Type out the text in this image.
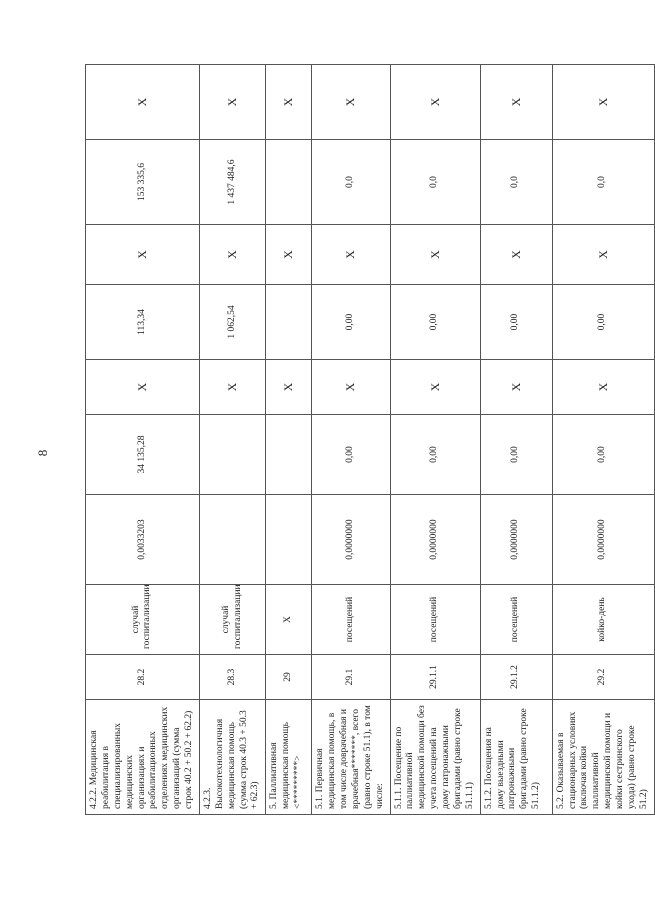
8
4.2.2. Медицинская реабилитация в специализированных медицинских организациях и реабилитационных отделениях медицинских организаций (сумма строк 40.2 + 50.2 + 62.2)	28.2	случай госпитализации	0,0033203	34 135,28	X	113,34	X	153 335,6	X
4.2.3. Высокотехнологичная медицинская помощь (сумма строк 40.3 + 50.3 + 62.3)	28.3	случай госпитализации			X	1 062,54	X	1 437 484,6	X
5. Паллиативная медицинская помощь <*********>	29	X			X		X		X
5.1. Первичная медицинская помощь, в том числе доврачебная и врачебная*******, всего (равно строке 51.1), в том числе:	29.1	посещений	0,0000000	0,00	X	0,00	X	0,0	X
5.1.1. Посещение по паллиативной медицинской помощи без учета посещений на дому патронажными бригадами (равно строке 51.1.1)	29.1.1	посещений	0,0000000	0,00	X	0,00	X	0,0	X
5.1.2. Посещения на дому выездными патронажными бригадами (равно строке 51.1.2)	29.1.2	посещений	0,0000000	0,00	X	0,00	X	0,0	X
5.2. Оказываемая в стационарных условиях (включая койки паллиативной медицинской помощи и койки сестринского ухода) (равно строке 51.2)	29.2	койко-день	0,0000000	0,00	X	0,00	X	0,0	X
